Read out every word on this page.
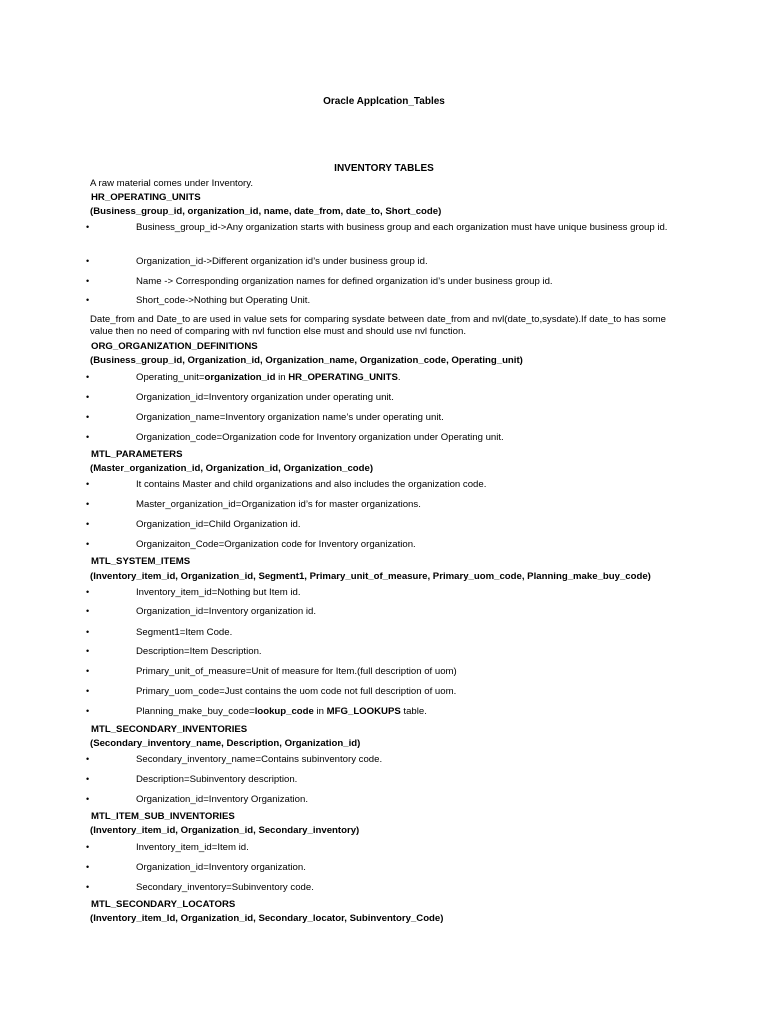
Oracle Applcation_Tables
INVENTORY TABLES
A raw material comes under Inventory.
HR_OPERATING_UNITS
(Business_group_id, organization_id, name, date_from, date_to, Short_code)
•	Business_group_id->Any organization starts with business group and each organization must have unique business group id.
•	Organization_id->Different organization id’s under business group id.
•	Name -> Corresponding organization names for defined organization id’s under business group id.
•	Short_code->Nothing but Operating Unit.
Date_from and Date_to are used in value sets for comparing sysdate between date_from and nvl(date_to,sysdate).If date_to has some value then no need of comparing with nvl function else must and should use nvl function.
ORG_ORGANIZATION_DEFINITIONS
(Business_group_id, Organization_id, Organization_name, Organization_code, Operating_unit)
•	Operating_unit=organization_id in HR_OPERATING_UNITS.
•	Organization_id=Inventory organization under operating unit.
•	Organization_name=Inventory organization name’s under operating unit.
•	Organization_code=Organization code for Inventory organization under Operating unit.
MTL_PARAMETERS
(Master_organization_id, Organization_id, Organization_code)
•	It contains Master and child organizations and also includes the organization code.
•	Master_organization_id=Organization id’s for master organizations.
•	Organization_id=Child Organization id.
•	Organizaiton_Code=Organization code for Inventory organization.
MTL_SYSTEM_ITEMS
(Inventory_item_id, Organization_id, Segment1, Primary_unit_of_measure, Primary_uom_code, Planning_make_buy_code)
•	Inventory_item_id=Nothing but Item id.
•	Organization_id=Inventory organization id.
•	Segment1=Item Code.
•	Description=Item Description.
•	Primary_unit_of_measure=Unit of measure for Item.(full description of uom)
•	Primary_uom_code=Just contains the uom code not full description of uom.
•	Planning_make_buy_code=lookup_code in MFG_LOOKUPS table.
MTL_SECONDARY_INVENTORIES
(Secondary_inventory_name, Description, Organization_id)
•	Secondary_inventory_name=Contains subinventory code.
•	Description=Subinventory description.
•	Organization_id=Inventory Organization.
MTL_ITEM_SUB_INVENTORIES
(Inventory_item_id, Organization_id, Secondary_inventory)
•	Inventory_item_id=Item id.
•	Organization_id=Inventory organization.
•	Secondary_inventory=Subinventory code.
MTL_SECONDARY_LOCATORS
(Inventory_item_Id, Organization_id, Secondary_locator, Subinventory_Code)
